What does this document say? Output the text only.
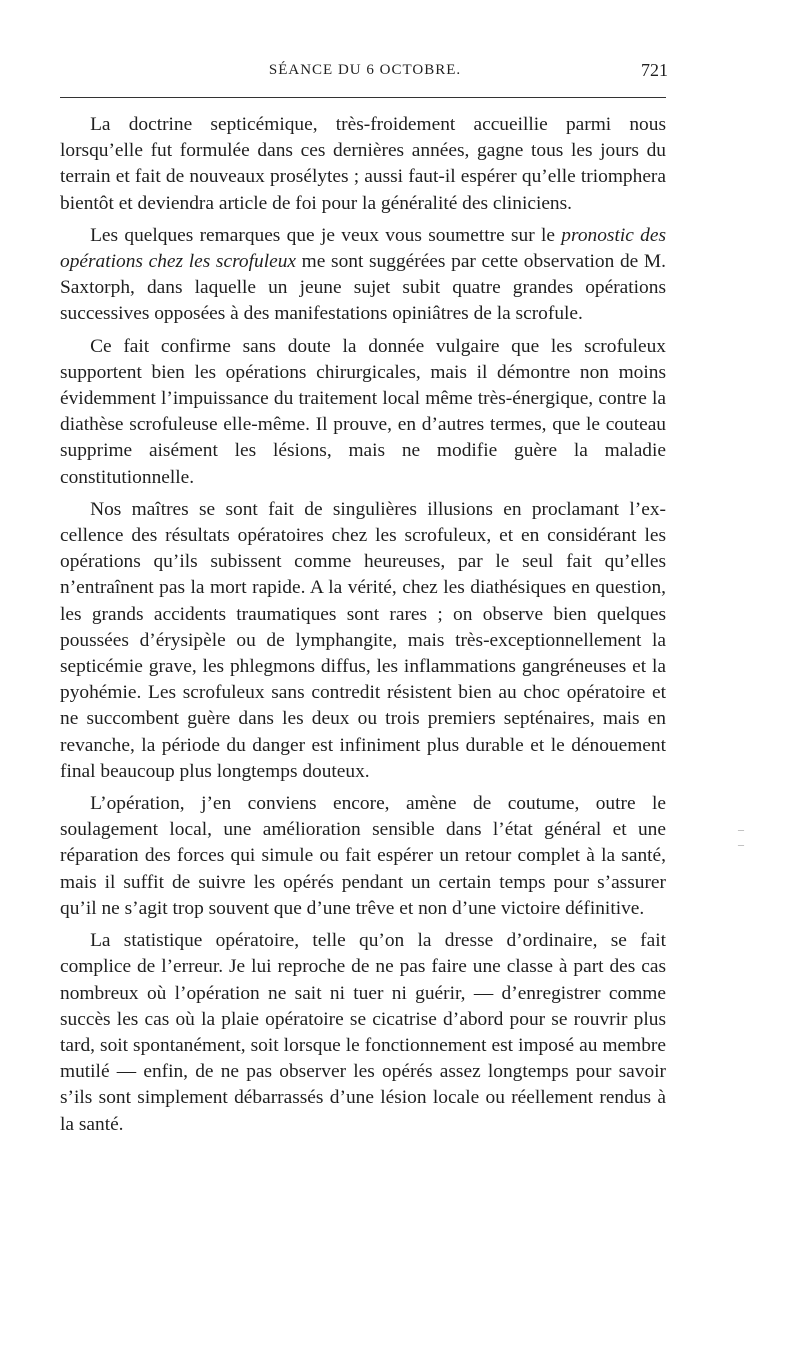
SÉANCE DU 6 OCTOBRE.	721

La doctrine septicémique, très-froidement accueillie parmi nous lorsqu’elle fut formulée dans ces dernières années, gagne tous les jours du terrain et fait de nouveaux prosélytes ; aussi faut-il espérer qu’elle triomphera bientôt et deviendra article de foi pour la généralité des cliniciens.

Les quelques remarques que je veux vous soumettre sur le pronostic des opérations chez les scrofuleux me sont suggérées par cette observation de M. Saxtorph, dans laquelle un jeune sujet subit quatre grandes opérations successives opposées à des manifestations opiniâtres de la scrofule.

Ce fait confirme sans doute la donnée vulgaire que les scrofuleux supportent bien les opérations chirurgicales, mais il démontre non moins évidemment l’impuissance du traitement local même très-énergique, contre la diathèse scrofuleuse elle-même. Il prouve, en d’autres termes, que le couteau supprime aisément les lésions, mais ne modifie guère la maladie constitutionnelle.

Nos maîtres se sont fait de singulières illusions en proclamant l’excellence des résultats opératoires chez les scrofuleux, et en considérant les opérations qu’ils subissent comme heureuses, par le seul fait qu’elles n’entraînent pas la mort rapide. A la vérité, chez les diathésiques en question, les grands accidents traumatiques sont rares ; on observe bien quelques poussées d’érysipèle ou de lymphangite, mais très-exceptionnellement la septicémie grave, les phlegmons diffus, les inflammations gangréneuses et la pyohémie. Les scrofuleux sans contredit résistent bien au choc opératoire et ne succombent guère dans les deux ou trois premiers septénaires, mais en revanche, la période du danger est infiniment plus durable et le dénouement final beaucoup plus longtemps douteux.

L’opération, j’en conviens encore, amène de coutume, outre le soulagement local, une amélioration sensible dans l’état général et une réparation des forces qui simule ou fait espérer un retour complet à la santé, mais il suffit de suivre les opérés pendant un certain temps pour s’assurer qu’il ne s’agit trop souvent que d’une trêve et non d’une victoire définitive.

La statistique opératoire, telle qu’on la dresse d’ordinaire, se fait complice de l’erreur. Je lui reproche de ne pas faire une classe à part des cas nombreux où l’opération ne sait ni tuer ni guérir, — d’enregistrer comme succès les cas où la plaie opératoire se cicatrise d’abord pour se rouvrir plus tard, soit spontanément, soit lorsque le fonctionnement est imposé au membre mutilé — enfin, de ne pas observer les opérés assez longtemps pour savoir s’ils sont simplement débarrassés d’une lésion locale ou réellement rendus à la santé.

– –
